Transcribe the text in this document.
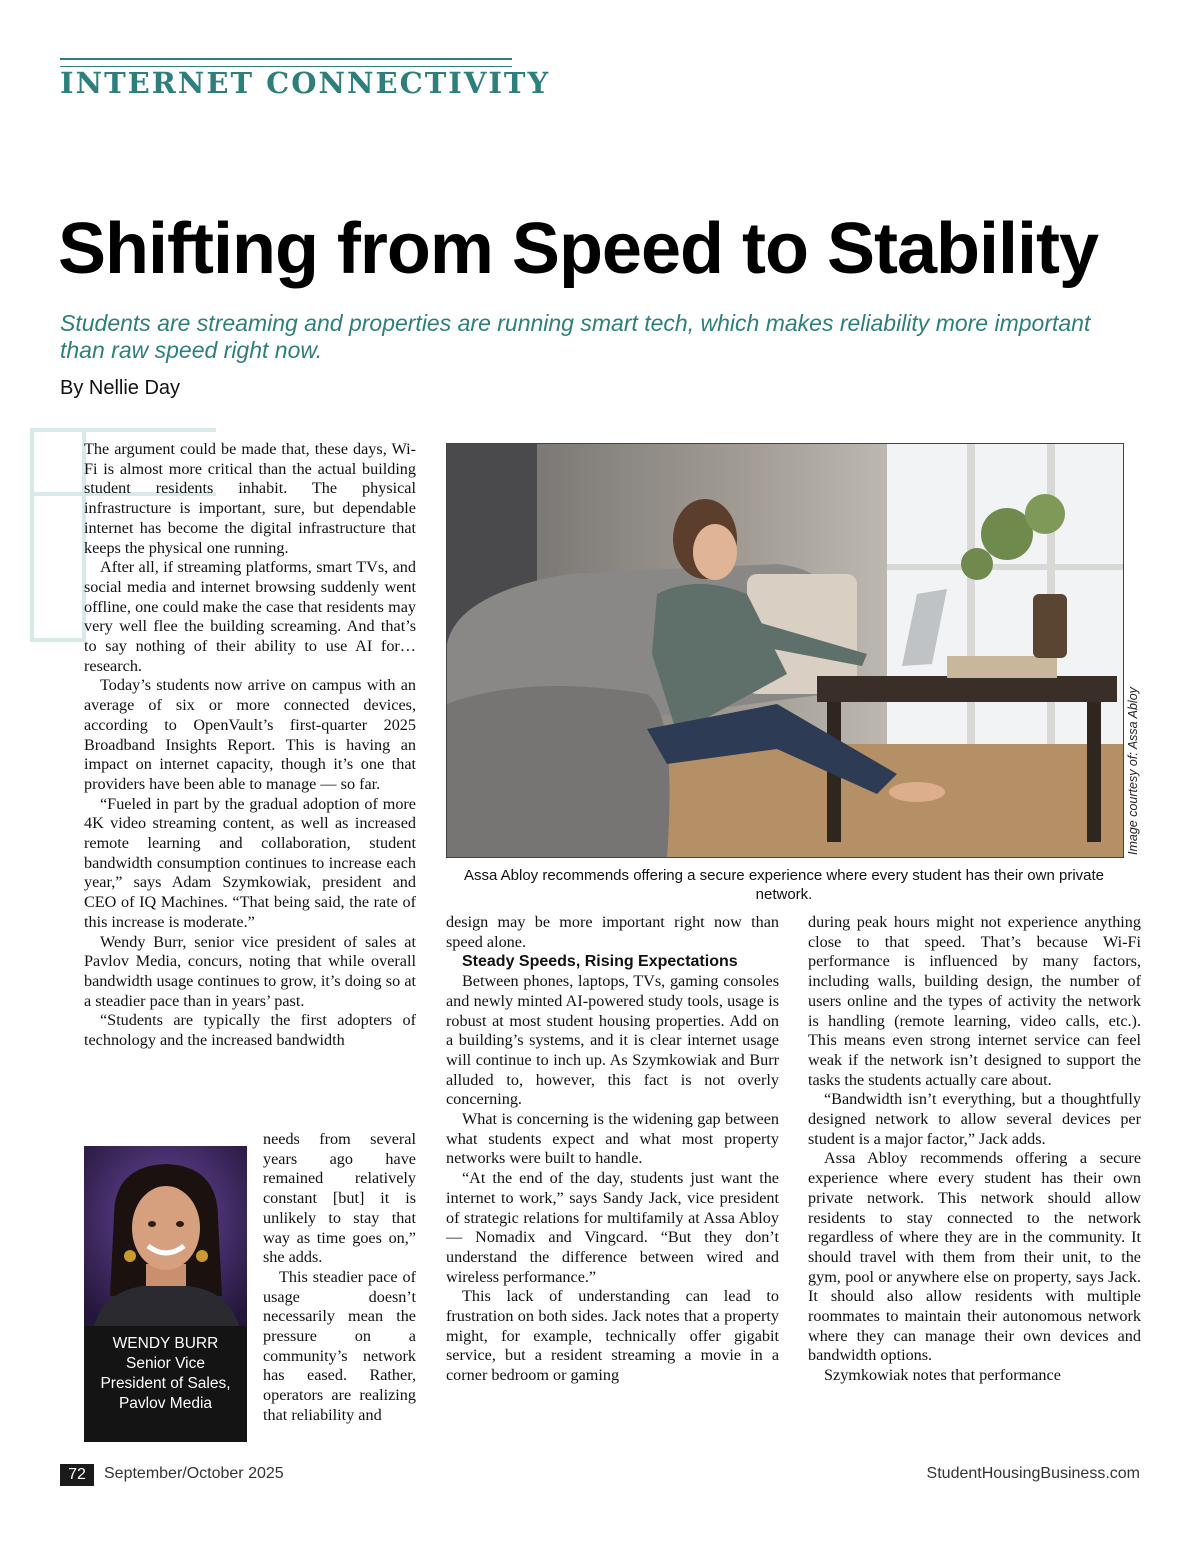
INTERNET CONNECTIVITY
Shifting from Speed to Stability

Students are streaming and properties are running smart tech, which makes reliability more important than raw speed right now.

By Nellie Day

The argument could be made that, these days, Wi-Fi is almost more critical than the actual building student residents inhabit. The physical infrastructure is important, sure, but dependable internet has become the digital infrastructure that keeps the physical one running.

After all, if streaming platforms, smart TVs, and social media and internet browsing suddenly went offline, one could make the case that residents may very well flee the building screaming. And that’s to say nothing of their ability to use AI for…research.

Today’s students now arrive on campus with an average of six or more connected devices, according to OpenVault’s first-quarter 2025 Broadband Insights Report. This is having an impact on internet capacity, though it’s one that providers have been able to manage — so far.

“Fueled in part by the gradual adoption of more 4K video streaming content, as well as increased remote learning and collaboration, student bandwidth consumption continues to increase each year,” says Adam Szymkowiak, president and CEO of IQ Machines. “That being said, the rate of this increase is moderate.”

Wendy Burr, senior vice president of sales at Pavlov Media, concurs, noting that while overall bandwidth usage continues to grow, it’s doing so at a steadier pace than in years’ past.

“Students are typically the first adopters of technology and the increased bandwidth

needs from several years ago have remained relatively constant [but] it is unlikely to stay that way as time goes on,” she adds.

This steadier pace of usage doesn’t necessarily mean the pressure on a community’s network has eased. Rather, operators are realizing that reliability and

WENDY BURR
Senior Vice
President of Sales,
Pavlov Media
Image courtesy of: Assa Abloy
Assa Abloy recommends offering a secure experience where every student has their own private network.

design may be more important right now than speed alone.

Steady Speeds, Rising Expectations

Between phones, laptops, TVs, gaming consoles and newly minted AI-powered study tools, usage is robust at most student housing properties. Add on a building’s systems, and it is clear internet usage will continue to inch up. As Szymkowiak and Burr alluded to, however, this fact is not overly concerning.

What is concerning is the widening gap between what students expect and what most property networks were built to handle.

“At the end of the day, students just want the internet to work,” says Sandy Jack, vice president of strategic relations for multifamily at Assa Abloy — Nomadix and Vingcard. “But they don’t understand the difference between wired and wireless performance.”

This lack of understanding can lead to frustration on both sides. Jack notes that a property might, for example, technically offer gigabit service, but a resident streaming a movie in a corner bedroom or gaming

during peak hours might not experience anything close to that speed. That’s because Wi-Fi performance is influenced by many factors, including walls, building design, the number of users online and the types of activity the network is handling (remote learning, video calls, etc.). This means even strong internet service can feel weak if the network isn’t designed to support the tasks the students actually care about.

“Bandwidth isn’t everything, but a thoughtfully designed network to allow several devices per student is a major factor,” Jack adds.

Assa Abloy recommends offering a secure experience where every student has their own private network. This network should allow residents to stay connected to the network regardless of where they are in the community. It should travel with them from their unit, to the gym, pool or anywhere else on property, says Jack. It should also allow residents with multiple roommates to maintain their autonomous network where they can manage their own devices and bandwidth options.

Szymkowiak notes that performance

72	September/October 2025	StudentHousingBusiness.com
